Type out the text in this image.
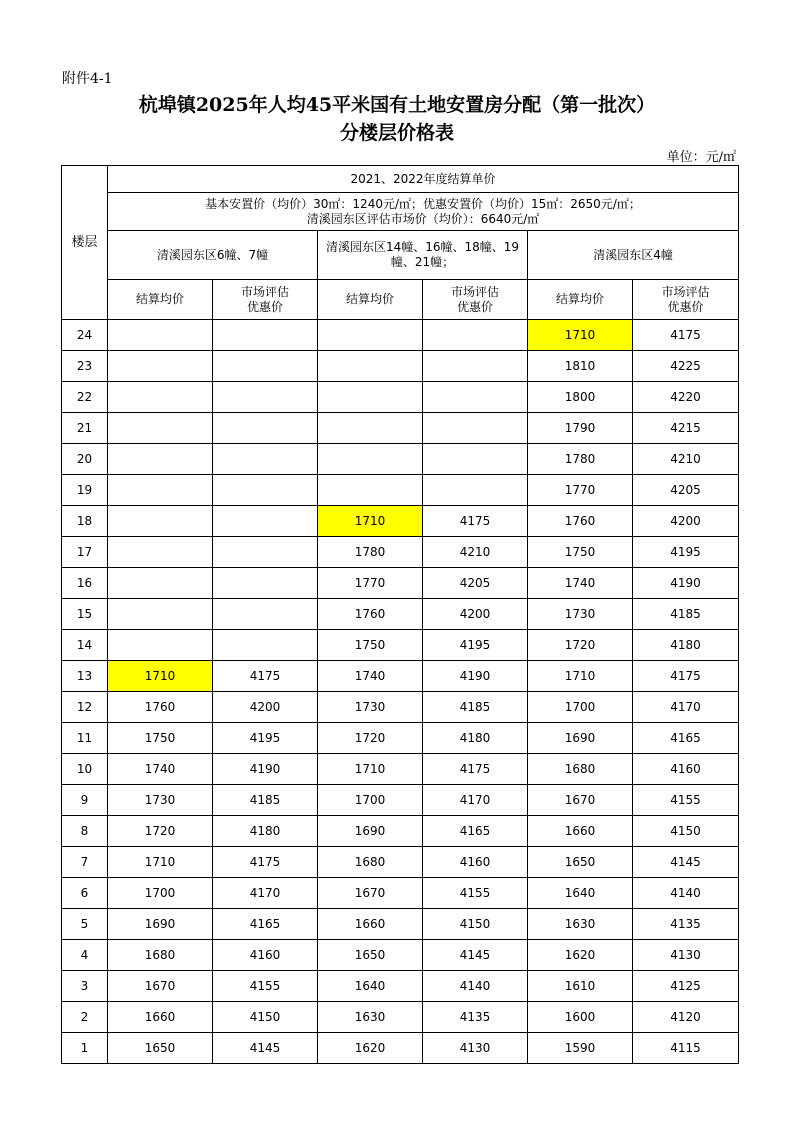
附件4-1
杭埠镇2025年人均45平米国有土地安置房分配（第一批次）
分楼层价格表
单位：元/㎡
楼层	2021、2022年度结算单价					

	基本安置价（均价）30㎡：1240元/㎡；优惠安置价（均价）15㎡：2650元/㎡；
清溪园东区评估市场价（均价）：6640元/㎡					

	清溪园东区6幢、7幢		清溪园东区14幢、16幢、18幢、19幢、21幢；		清溪园东区4幢	
	结算均价	市场评估优惠价	结算均价	市场评估优惠价	结算均价	市场评估优惠价
24					1710	4175
23					1810	4225
22					1800	4220
21					1790	4215
20					1780	4210
19					1770	4205
18			1710	4175	1760	4200
17			1780	4210	1750	4195
16			1770	4205	1740	4190
15			1760	4200	1730	4185
14			1750	4195	1720	4180
13	1710	4175	1740	4190	1710	4175
12	1760	4200	1730	4185	1700	4170
11	1750	4195	1720	4180	1690	4165
10	1740	4190	1710	4175	1680	4160
9	1730	4185	1700	4170	1670	4155
8	1720	4180	1690	4165	1660	4150
7	1710	4175	1680	4160	1650	4145
6	1700	4170	1670	4155	1640	4140
5	1690	4165	1660	4150	1630	4135
4	1680	4160	1650	4145	1620	4130
3	1670	4155	1640	4140	1610	4125
2	1660	4150	1630	4135	1600	4120
1	1650	4145	1620	4130	1590	4115
